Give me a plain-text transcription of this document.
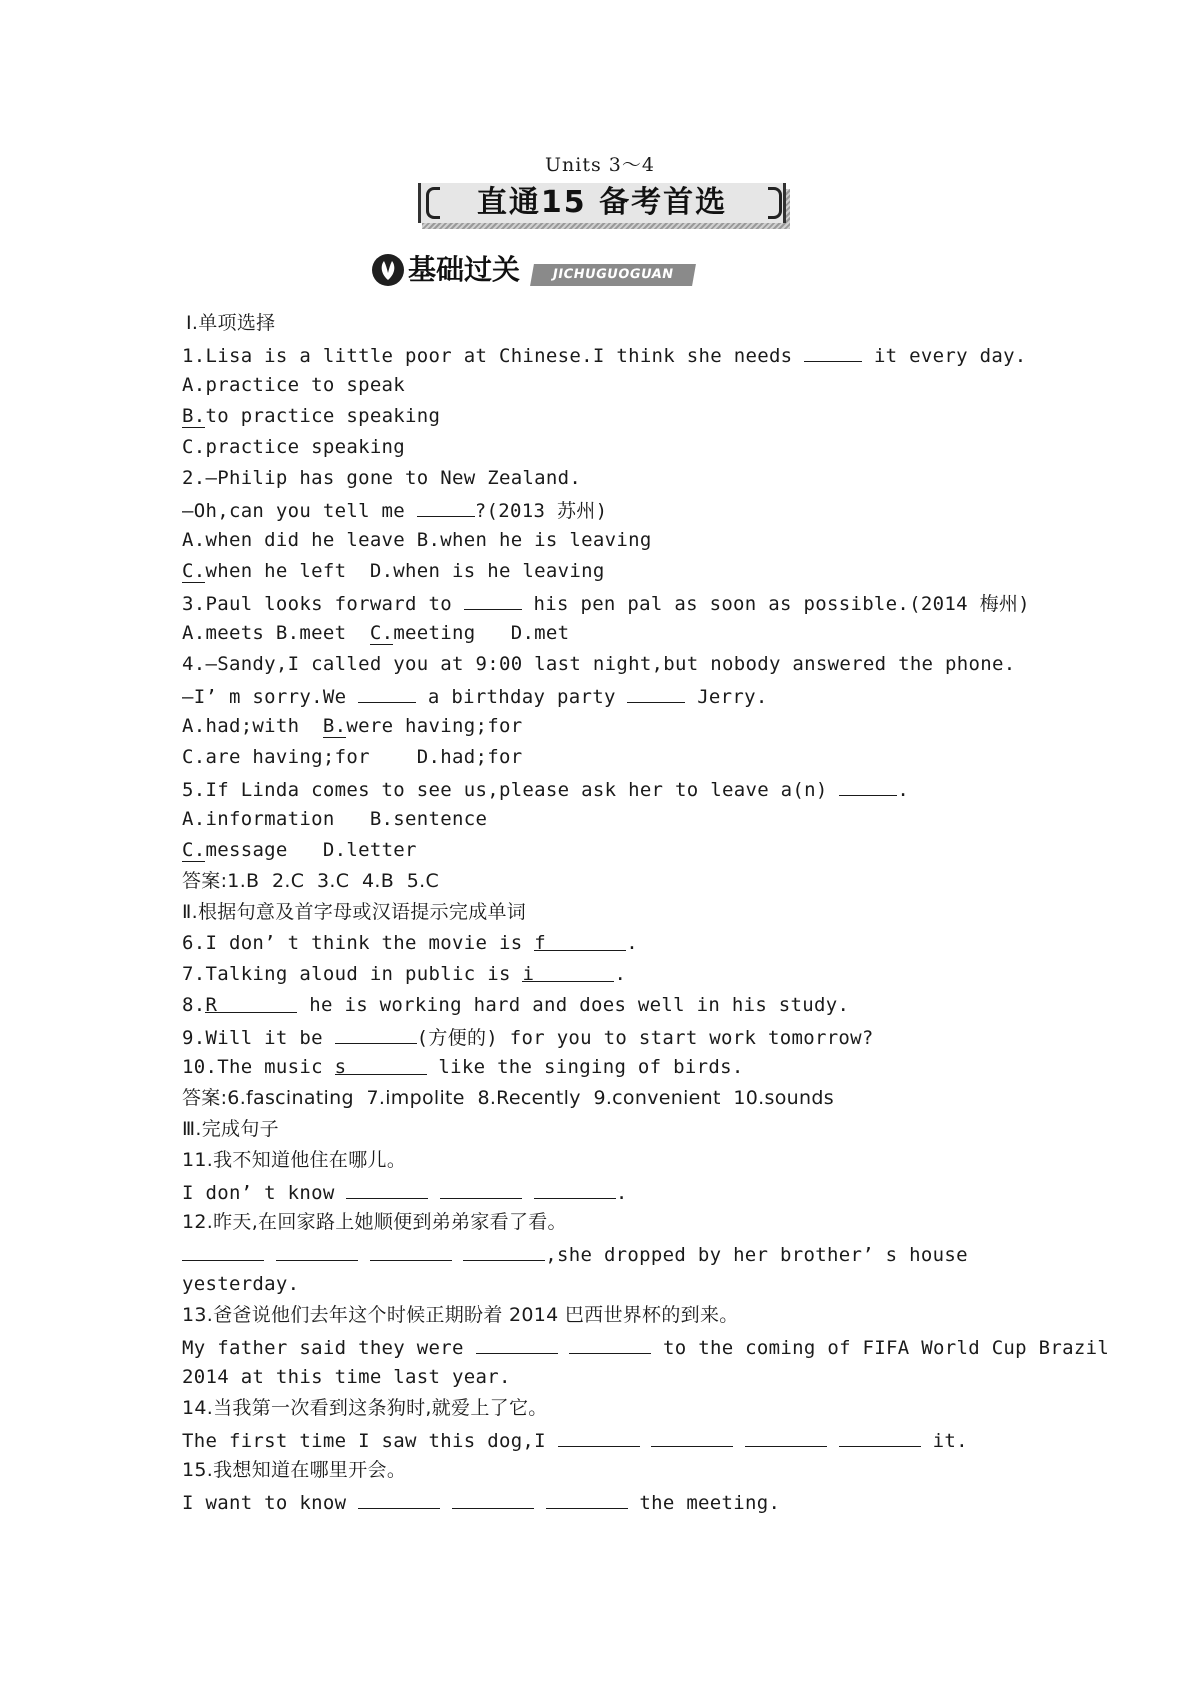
Units 3～4
直通15 备考首选
基础过关	JICHUGUOGUAN
Ⅰ.单项选择
1.Lisa is a little poor at Chinese.I think she needs	it every day.
A.practice to speak
B.to practice speaking
C.practice speaking
2.—Philip has gone to New Zealand.
—Oh,can you tell me	?(2013 苏州)
A.when did he leave B.when he is leaving
C.when he left  D.when is he leaving
3.Paul looks forward to	his pen pal as soon as possible.(2014 梅州)
A.meets B.meet  C.meeting   D.met
4.—Sandy,I called you at 9:00 last night,but nobody answered the phone.
—I’ m sorry.We	a birthday party	Jerry.
A.had;with  B.were having;for
C.are having;for    D.had;for
5.If Linda comes to see us,please ask her to leave a(n)	.
A.information   B.sentence
C.message   D.letter
答案:1.B  2.C  3.C  4.B  5.C
Ⅱ.根据句意及首字母或汉语提示完成单词
6.I don’ t think the movie is f	.
7.Talking aloud in public is i	.
8.R	he is working hard and does well in his study.
9.Will it be	(方便的) for you to start work tomorrow?
10.The music s	like the singing of birds.
答案:6.fascinating  7.impolite  8.Recently  9.convenient  10.sounds
Ⅲ.完成句子
11.我不知道他住在哪儿。
I don’ t know	.
12.昨天,在回家路上她顺便到弟弟家看了看。
,she dropped by her brother’ s house
yesterday.
13.爸爸说他们去年这个时候正期盼着 2014 巴西世界杯的到来。
My father said they were	to the coming of FIFA World Cup Brazil
2014 at this time last year.
14.当我第一次看到这条狗时,就爱上了它。
The first time I saw this dog,I	it.
15.我想知道在哪里开会。
I want to know	the meeting.
